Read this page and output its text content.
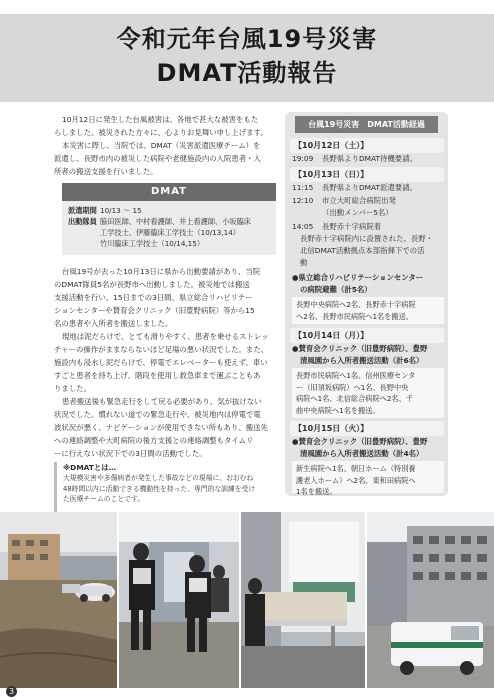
令和元年台風19号災害
DMAT活動報告
10月12日に発生した台風被害は、各地で甚大な被害をもた
らしました。被災された方々に、心よりお見舞い申し上げます。
本災害に際し、当院では、DMAT（災害派遣医療チーム）を
派遣し、長野市内の被災した病院や老健施設内の入院患者・入
所者の搬送支援を行いました。
DMAT
派遣期間 10/13 ～ 15
出動隊員 脇田医師、中村看護師、井上看護師、小坂臨床
工学技士、伊藤臨床工学技士（10/13,14）
竹川臨床工学技士（10/14,15）
台風19号が去った10月13日に県から出動要請があり、当院
のDMAT隊員5名が長野市へ出動しました。被災地では搬送
支援活動を行い、15日までの3日間、県立総合リハビリテー
ションセンターや賛育会クリニック（旧豊野病院）等から15
名の患者や入所者を搬送しました。
現地は泥だらけで、とても滑りやすく、患者を乗せるストレッ
チャーの操作がままならないほど足場の悪い状況でした。また、
施設内も浸水し泥だらけで、停電でエレベーターも使えず、車い
すごと患者を持ち上げ、階段を使用し救急車まで運ぶこともあ
りました。
患者搬送後も緊急走行をして戻る必要があり、気が抜けない
状況でした。慣れない道での緊急走行や、被災地内は停電で電
波状況が悪く、ナビゲーションが使用できない所もあり、搬送先
への連絡調整や大町病院の後方支援との連絡調整もタイムリ
ーに行えない状況下での3日間の活動でした。
※DMATとは…
大規模災害や多傷病者が発生した事故などの現場に、おおむね
48時間以内に活動できる機動性を持った、専門的な訓練を受け
た医療チームのことです。
台風19号災害　DMAT活動経過
【10月12日（土）】
19:09 長野県よりDMAT待機要請。
【10月13日（日）】
11:15 長野県よりDMAT派遣要請。
12:10 市立大町総合病院出発
（出動メンバー5名）
14:05 長野赤十字病院着
長野赤十字病院内に設置された、長野・
北信DMAT活動拠点本部指揮下での活
動
●県立総合リハビリテーションセンター
の病院避難（計5名）
長野中央病院へ2名、長野赤十字病院
へ2名、長野市民病院へ1名を搬送。
【10月14日（月）】
●賛育会クリニック（旧豊野病院）、豊野
清風園から入所者搬送活動（計6名）
長野市民病院へ1名、信州医療センタ
ー（旧須坂病院）へ1名、長野中央
病院へ1名、北信総合病院へ2名、千
曲中央病院へ1名を搬送。
【10月15日（火）】
●賛育会クリニック（旧豊野病院）、豊野
清風園から入所者搬送活動（計4名）
新生病院へ1名、朝日ホーム（特別養
護老人ホーム）へ2名、東和田病院へ
1名を搬送。
3
